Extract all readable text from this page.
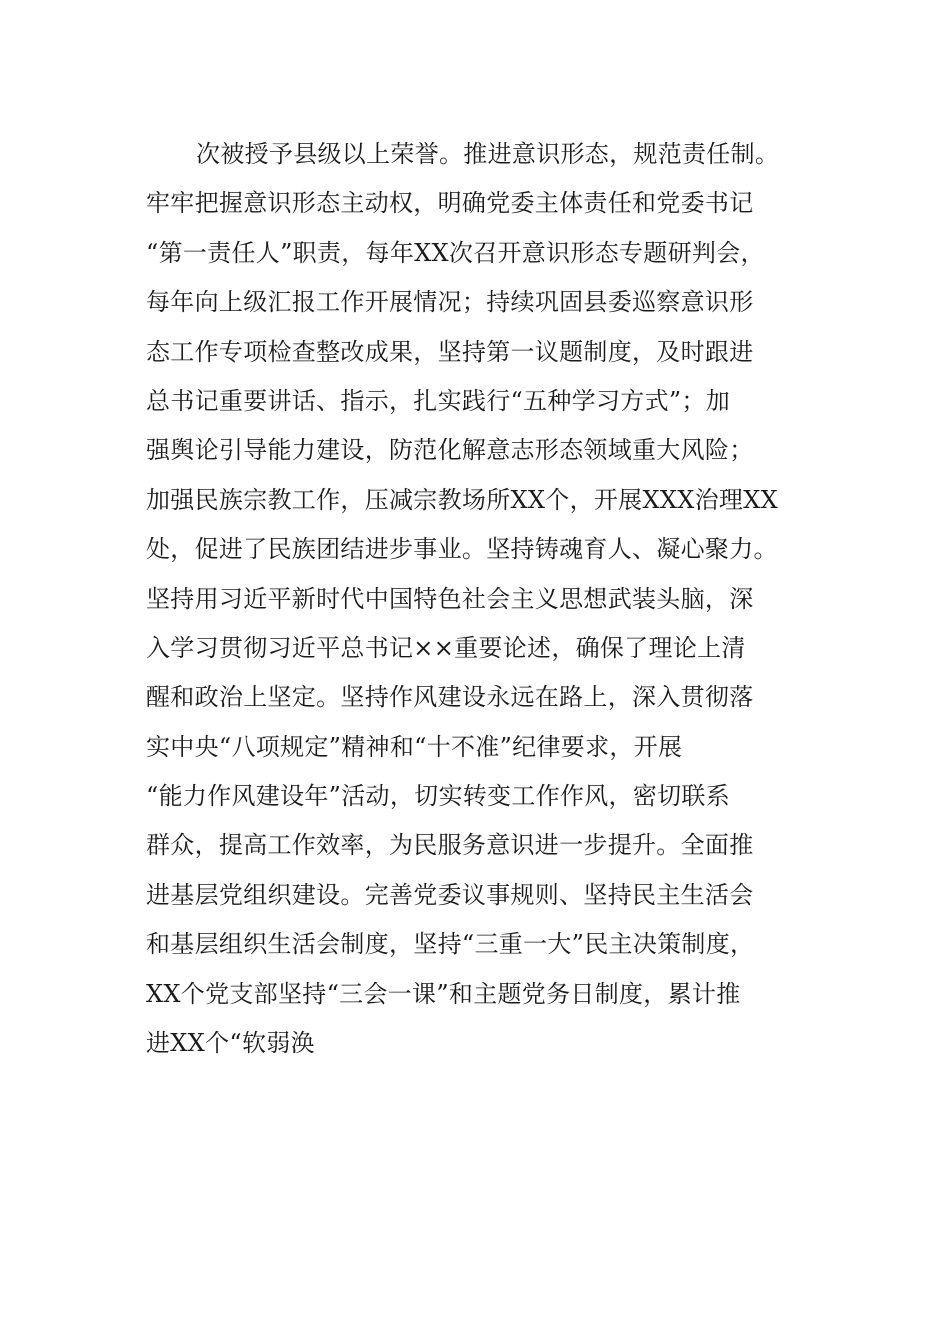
次被授予县级以上荣誉。推进意识形态，规范责任制。
牢牢把握意识形态主动权，明确党委主体责任和党委书记
“第一责任人”职责，每年XX次召开意识形态专题研判会，
每年向上级汇报工作开展情况；持续巩固县委巡察意识形
态工作专项检查整改成果，坚持第一议题制度，及时跟进
总书记重要讲话、指示，扎实践行“五种学习方式”；加
强舆论引导能力建设，防范化解意志形态领域重大风险；
加强民族宗教工作，压减宗教场所XX个，开展XXX治理XX
处，促进了民族团结进步事业。坚持铸魂育人、凝心聚力。
坚持用习近平新时代中国特色社会主义思想武装头脑，深
入学习贯彻习近平总书记××重要论述，确保了理论上清
醒和政治上坚定。坚持作风建设永远在路上，深入贯彻落
实中央“八项规定”精神和“十不准”纪律要求，开展
“能力作风建设年”活动，切实转变工作作风，密切联系
群众，提高工作效率，为民服务意识进一步提升。全面推
进基层党组织建设。完善党委议事规则、坚持民主生活会
和基层组织生活会制度，坚持“三重一大”民主决策制度，
XX个党支部坚持“三会一课”和主题党务日制度，累计推
进XX个“软弱涣
